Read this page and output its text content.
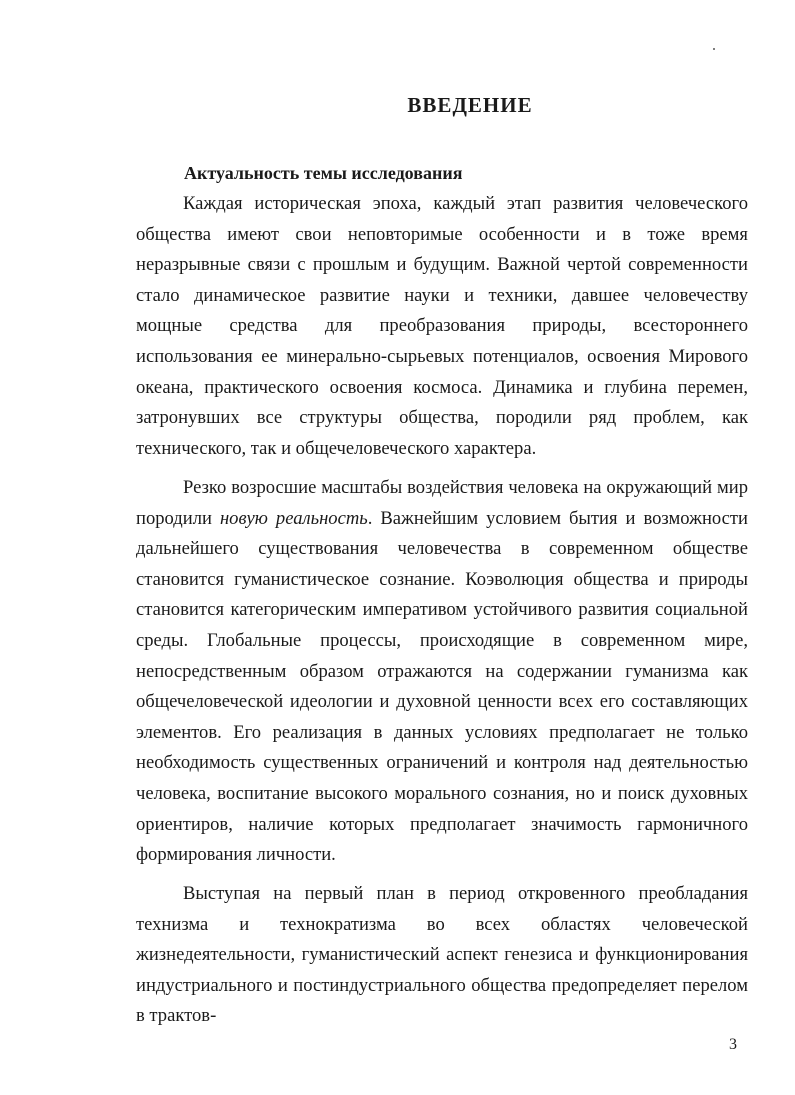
ВВЕДЕНИЕ
Актуальность темы исследования

Каждая историческая эпоха, каждый этап развития человеческого общества имеют свои неповторимые особенности и в тоже время неразрывные связи с прошлым и будущим. Важной чертой современности стало динамическое развитие науки и техники, давшее человечеству мощные средства для преобразования природы, всестороннего использования ее минерально-сырьевых потенциалов, освоения Мирового океана, практического освоения космоса. Динамика и глубина перемен, затронувших все структуры общества, породили ряд проблем, как технического, так и общечеловеческого характера.

Резко возросшие масштабы воздействия человека на окружающий мир породили новую реальность. Важнейшим условием бытия и возможности дальнейшего существования человечества в современном обществе становится гуманистическое сознание. Коэволюция общества и природы становится категорическим императивом устойчивого развития социальной среды. Глобальные процессы, происходящие в современном мире, непосредственным образом отражаются на содержании гуманизма как общечеловеческой идеологии и духовной ценности всех его составляющих элементов. Его реализация в данных условиях предполагает не только необходимость существенных ограничений и контроля над деятельностью человека, воспитание высокого морального сознания, но и поиск духовных ориентиров, наличие которых предполагает значимость гармоничного формирования личности.

Выступая на первый план в период откровенного преобладания технизма и технократизма во всех областях человеческой жизнедеятельности, гуманистический аспект генезиса и функционирования индустриального и постиндустриального общества предопределяет перелом в трактов-

3
